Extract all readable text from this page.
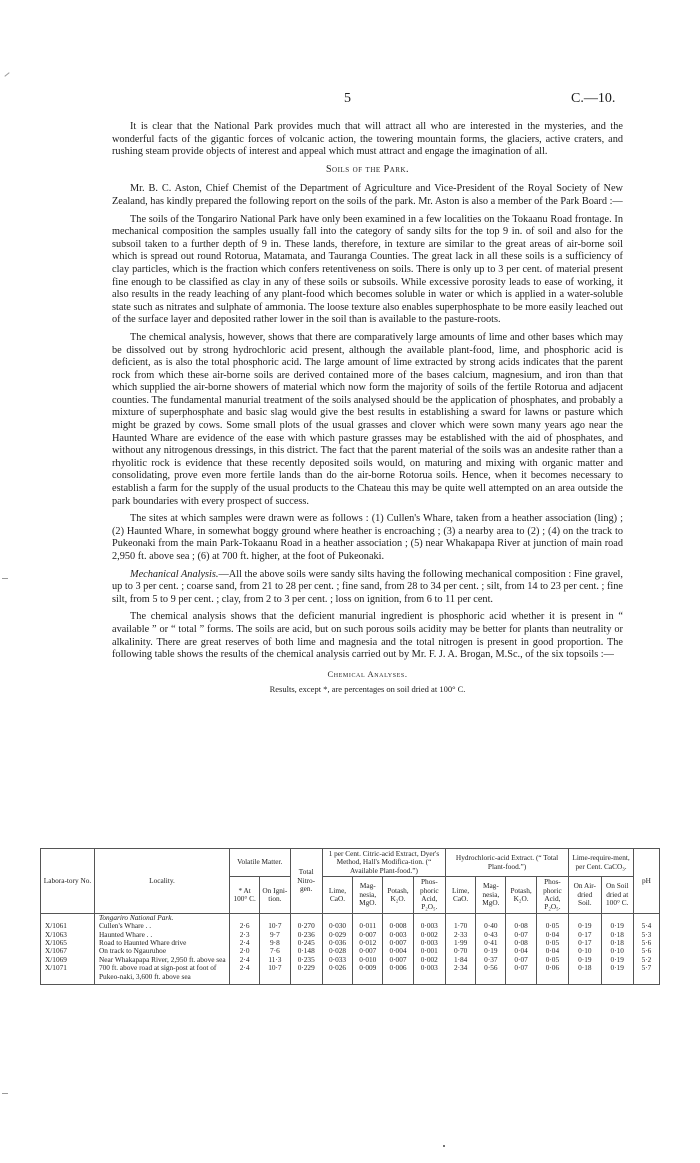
5	C.—10.

It is clear that the National Park provides much that will attract all who are interested in the mysteries, and the wonderful facts of the gigantic forces of volcanic action, the towering mountain forms, the glaciers, active craters, and rushing steam provide objects of interest and appeal which must attract and engage the imagination of all.

Soils of the Park.

Mr. B. C. Aston, Chief Chemist of the Department of Agriculture and Vice-President of the Royal Society of New Zealand, has kindly prepared the following report on the soils of the park. Mr. Aston is also a member of the Park Board :—

The soils of the Tongariro National Park have only been examined in a few localities on the Tokaanu Road frontage. In mechanical composition the samples usually fall into the category of sandy silts for the top 9 in. of soil and also for the subsoil taken to a further depth of 9 in. These lands, therefore, in texture are similar to the great areas of air-borne soil which is spread out round Rotorua, Matamata, and Tauranga Counties. The great lack in all these soils is a sufficiency of clay particles, which is the fraction which confers retentiveness on soils. There is only up to 3 per cent. of material present fine enough to be classified as clay in any of these soils or subsoils. While excessive porosity leads to ease of working, it also results in the ready leaching of any plant-food which becomes soluble in water or which is applied in a water-soluble state such as nitrates and sulphate of ammonia. The loose texture also enables superphosphate to be more easily leached out of the surface layer and deposited rather lower in the soil than is available to the pasture-roots.

The chemical analysis, however, shows that there are comparatively large amounts of lime and other bases which may be dissolved out by strong hydrochloric acid present, although the available plant-food, lime, and phosphoric acid is deficient, as is also the total phosphoric acid. The large amount of lime extracted by strong acids indicates that the parent rock from which these air-borne soils are derived contained more of the bases calcium, magnesium, and iron than that which supplied the air-borne showers of material which now form the majority of soils of the fertile Rotorua and adjacent counties. The fundamental manurial treatment of the soils analysed should be the application of phosphates, and probably a mixture of superphosphate and basic slag would give the best results in establishing a sward for lawns or pasture which might be grazed by cows. Some small plots of the usual grasses and clover which were sown many years ago near the Haunted Whare are evidence of the ease with which pasture grasses may be established with the aid of phosphates, and without any nitrogenous dressings, in this district. The fact that the parent material of the soils was an andesite rather than a rhyolitic rock is evidence that these recently deposited soils would, on maturing and mixing with organic matter and consolidating, prove even more fertile lands than do the air-borne Rotorua soils. Hence, when it becomes necessary to establish a farm for the supply of the usual products to the Chateau this may be quite well attempted on an area outside the park boundaries with every prospect of success.

The sites at which samples were drawn were as follows : (1) Cullen's Whare, taken from a heather association (ling) ; (2) Haunted Whare, in somewhat boggy ground where heather is encroaching ; (3) a nearby area to (2) ; (4) on the track to Pukeonaki from the main Park-Tokaanu Road in a heather association ; (5) near Whakapapa River at junction of main road 2,950 ft. above sea ; (6) at 700 ft. higher, at the foot of Pukeonaki.

Mechanical Analysis.—All the above soils were sandy silts having the following mechanical composition : Fine gravel, up to 3 per cent. ; coarse sand, from 21 to 28 per cent. ; fine sand, from 28 to 34 per cent. ; silt, from 14 to 23 per cent. ; fine silt, from 5 to 9 per cent. ; clay, from 2 to 3 per cent. ; loss on ignition, from 6 to 11 per cent.

The chemical analysis shows that the deficient manurial ingredient is phosphoric acid whether it is present in “ available ” or “ total ” forms. The soils are acid, but on such porous soils acidity may be better for plants than neutrality or alkalinity. There are great reserves of both lime and magnesia and the total nitrogen is present in good proportion. The following table shows the results of the chemical analysis carried out by Mr. F. J. A. Brogan, M.Sc., of the six topsoils :—

Chemical Analyses.
Results, except *, are percentages on soil dried at 100° C.
Labora-tory No.	Locality.	Volatile Matter.		Total Nitro-gen.	1 per Cent. Citric-acid Extract, Dyer's Method, Hall's Modifica-tion. (“ Available Plant-food.”)				Hydrochloric-acid Extract. (“ Total Plant-food.”)				Lime-require-ment, per Cent. CaCO₃.		pH
		* At 100° C.	On Igni-tion.		Lime, CaO.	Mag-nesia, MgO.	Potash, K₂O.	Phos-phoric Acid, P₂O₅.	Lime, CaO.	Mag-nesia, MgO.	Potash, K₂O.	Phos-phoric Acid, P₂O₅.	On Air-dried Soil.	On Soil dried at 100° C.	
	Tongariro National Park.														
X/1061	Cullen's Whare . .	2·6	10·7	0·270	0·030	0·011	0·008	0·003	1·70	0·40	0·08	0·05	0·19	0·19	5·4
X/1063	Haunted Whare . .	2·3	9·7	0·236	0·029	0·007	0·003	0·002	2·33	0·43	0·07	0·04	0·17	0·18	5·3
X/1065	Road to Haunted Whare drive	2·4	9·8	0·245	0·036	0·012	0·007	0·003	1·99	0·41	0·08	0·05	0·17	0·18	5·6
X/1067	On track to Ngauruhoe	2·0	7·6	0·148	0·028	0·007	0·004	0·001	0·70	0·19	0·04	0·04	0·10	0·10	5·6
X/1069	Near Whakapapa River, 2,950 ft. above sea	2·4	11·3	0·235	0·033	0·010	0·007	0·002	1·84	0·37	0·07	0·05	0·19	0·19	5·2
X/1071	700 ft. above road at sign-post at foot of Pukeo-naki, 3,600 ft. above sea	2·4	10·7	0·229	0·026	0·009	0·006	0·003	2·34	0·56	0·07	0·06	0·18	0·19	5·7
